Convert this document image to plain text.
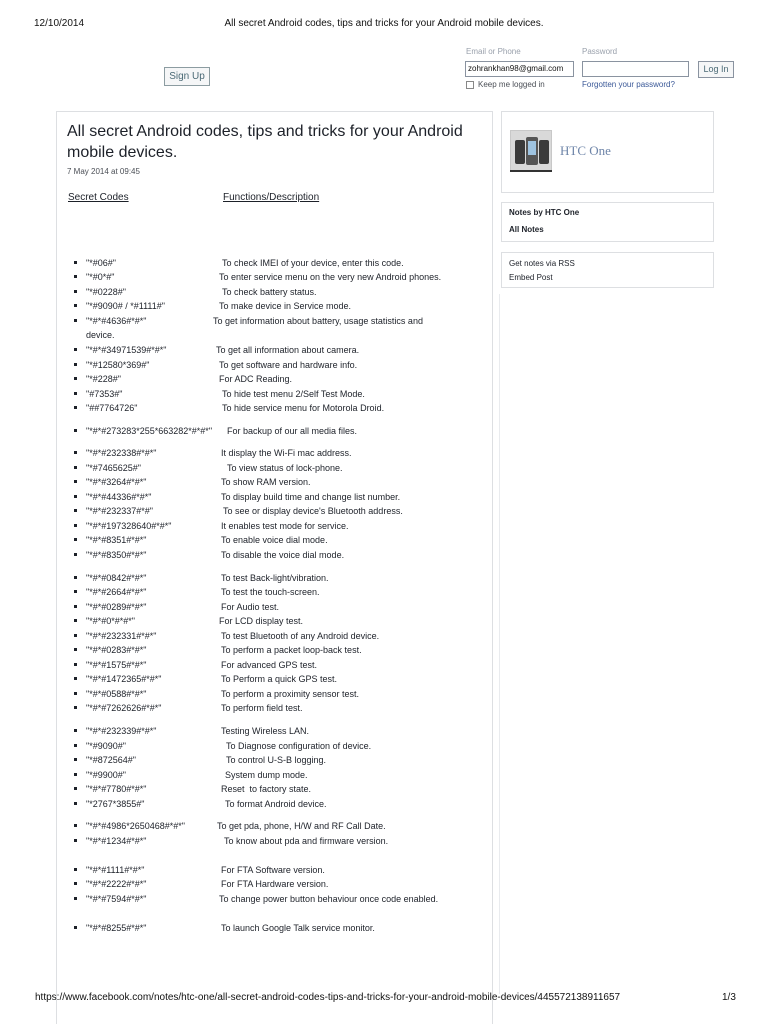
12/10/2014	All secret Android codes, tips and tricks for your Android mobile devices.
Sign Up
Email or Phone	Password
zohrankhan98@gmail.com	Log In
Keep me logged in	Forgotten your password?
All secret Android codes, tips and tricks for your Android mobile devices.
7 May 2014 at 09:45
Secret Codes	Functions/Description
"*#06#"	To check IMEI of your device, enter this code.
"*#0*#"	To enter service menu on the very new Android phones.
"*#0228#"	To check battery status.
"*#9090# / *#1111#"	To make device in Service mode.
"*#*#4636#*#*"	To get information about battery, usage statistics and
device.
"*#*#34971539#*#*"	To get all information about camera.
"*#12580*369#"	To get software and hardware info.
"*#228#"	For ADC Reading.
"#7353#"	To hide test menu 2/Self Test Mode.
"##7764726"	To hide service menu for Motorola Droid.
"*#*#273283*255*663282*#*#*" For backup of our all media files.
"*#*#232338#*#*"	It display the Wi-Fi mac address.
"*#7465625#"	To view status of lock-phone.
"*#*#3264#*#*"	To show RAM version.
"*#*#44336#*#*"	To display build time and change list number.
"*#*#232337#*#"	To see or display device's Bluetooth address.
"*#*#197328640#*#*"	It enables test mode for service.
"*#*#8351#*#*"	To enable voice dial mode.
"*#*#8350#*#*"	To disable the voice dial mode.
"*#*#0842#*#*"	To test Back-light/vibration.
"*#*#2664#*#*"	To test the touch-screen.
"*#*#0289#*#*"	For Audio test.
"*#*#0*#*#*"	For LCD display test.
"*#*#232331#*#*"	To test Bluetooth of any Android device.
"*#*#0283#*#*"	To perform a packet loop-back test.
"*#*#1575#*#*"	For advanced GPS test.
"*#*#1472365#*#*"	To Perform a quick GPS test.
"*#*#0588#*#*"	To perform a proximity sensor test.
"*#*#7262626#*#*"	To perform field test.
"*#*#232339#*#*"	Testing Wireless LAN.
"*#9090#"	To Diagnose configuration of device.
"*#872564#"	To control U-S-B logging.
"*#9900#"	System dump mode.
"*#*#7780#*#*"	Reset  to factory state.
"*2767*3855#"	To format Android device.
"*#*#4986*2650468#*#*"	To get pda, phone, H/W and RF Call Date.
"*#*#1234#*#*"	To know about pda and firmware version.
"*#*#1111#*#*"	For FTA Software version.
"*#*#2222#*#*"	For FTA Hardware version.
"*#*#7594#*#*"	To change power button behaviour once code enabled.
"*#*#8255#*#*"	To launch Google Talk service monitor.
HTC One
Notes by HTC One
All Notes
Get notes via RSS
Embed Post
https://www.facebook.com/notes/htc-one/all-secret-android-codes-tips-and-tricks-for-your-android-mobile-devices/445572138911657	1/3
